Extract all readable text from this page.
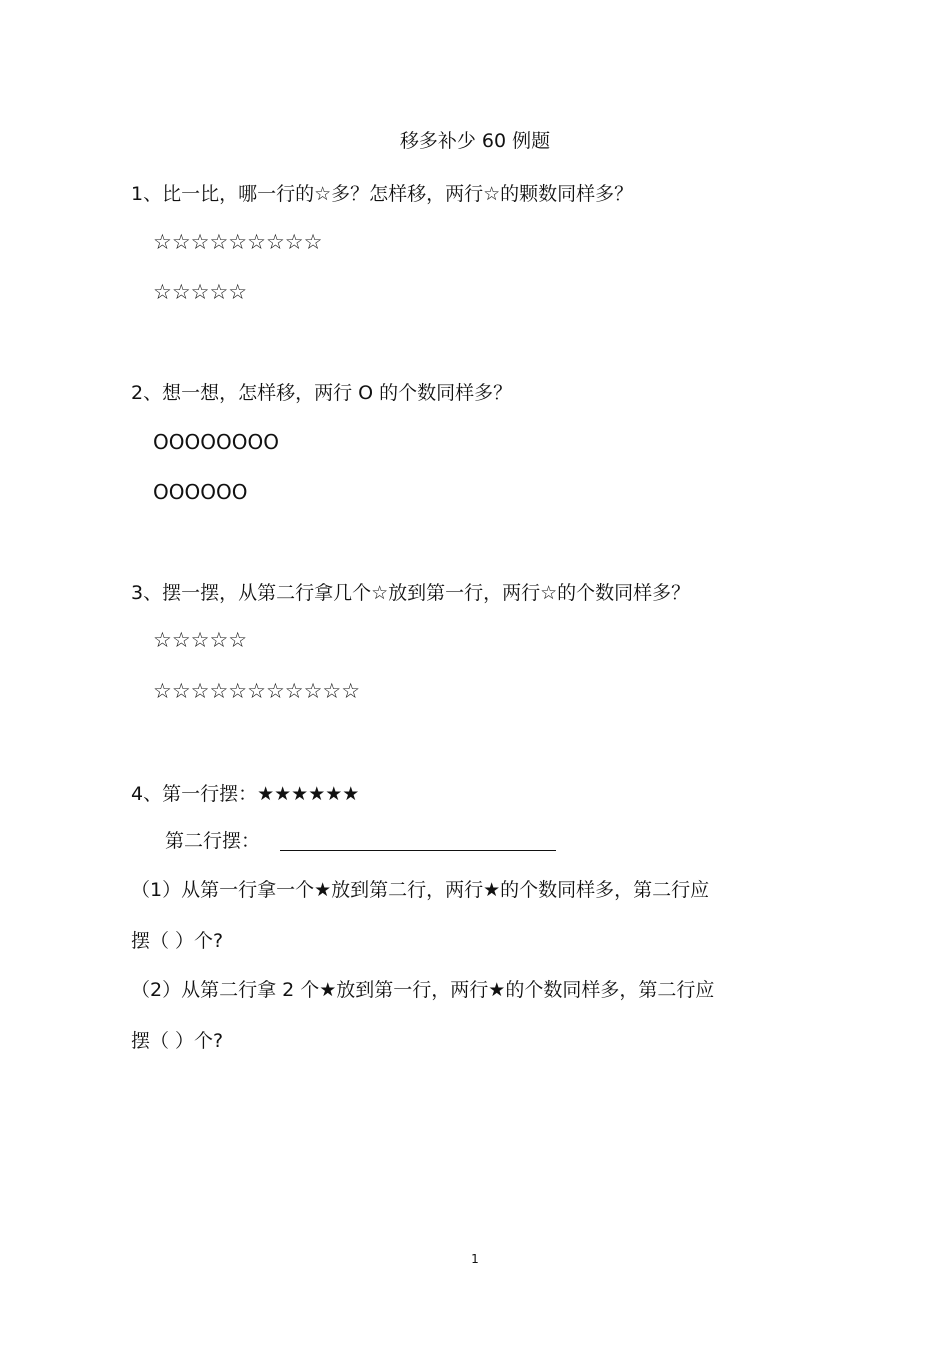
移多补少 60 例题
1、比一比，哪一行的☆多？怎样移，两行☆的颗数同样多？
☆☆☆☆☆☆☆☆☆
☆☆☆☆☆
2、想一想，怎样移，两行 O 的个数同样多？
OOOOOOOO
OOOOOO
3、摆一摆，从第二行拿几个☆放到第一行，两行☆的个数同样多？
☆☆☆☆☆
☆☆☆☆☆☆☆☆☆☆☆
4、第一行摆：★★★★★★
第二行摆：
（1）从第一行拿一个★放到第二行，两行★的个数同样多，第二行应
摆（ ）个?
（2）从第二行拿 2 个★放到第一行，两行★的个数同样多，第二行应
摆（ ）个?
1
